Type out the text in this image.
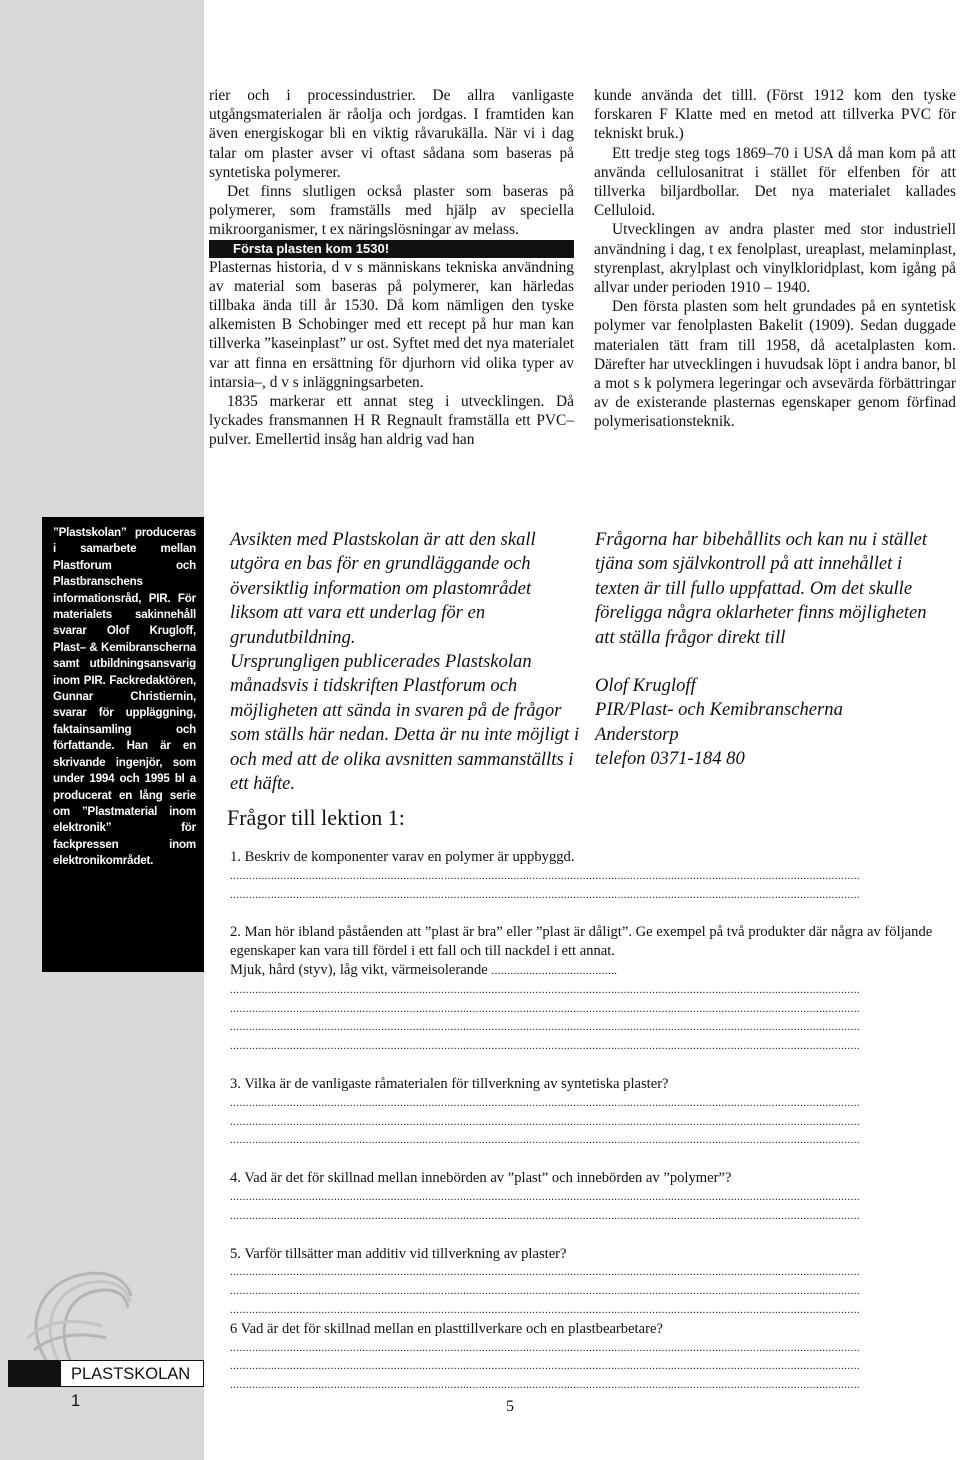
rier och i processindustrier. De allra vanligaste utgångsmaterialen är råolja och jordgas. I framtiden kan även energiskogar bli en viktig råvarukälla. När vi i dag talar om plaster avser vi oftast sådana som baseras på syntetiska polymerer.

Det finns slutligen också plaster som baseras på polymerer, som framställs med hjälp av speciella mikroorganismer, t ex näringslösningar av melass.

Första plasten kom 1530!

Plasternas historia, d v s människans tekniska användning av material som baseras på polymerer, kan härledas tillbaka ända till år 1530. Då kom nämligen den tyske alkemisten B Schobinger med ett recept på hur man kan tillverka ”kaseinplast” ur ost. Syftet med det nya materialet var att finna en ersättning för djurhorn vid olika typer av intarsia–, d v s inläggningsarbeten.

1835 markerar ett annat steg i utvecklingen. Då lyckades fransmannen H R Regnault framställa ett PVC–pulver. Emellertid insåg han aldrig vad han

kunde använda det tilll. (Först 1912 kom den tyske forskaren F Klatte med en metod att tillverka PVC för tekniskt bruk.)

Ett tredje steg togs 1869–70 i USA då man kom på att använda cellulosanitrat i stället för elfenben för att tillverka biljardbollar. Det nya materialet kallades Celluloid.

Utvecklingen av andra plaster med stor industriell användning i dag, t ex fenolplast, ureaplast, melaminplast, styrenplast, akrylplast och vinylkloridplast, kom igång på allvar under perioden 1910 – 1940.

Den första plasten som helt grundades på en syntetisk polymer var fenolplasten Bakelit (1909). Sedan duggade materialen tätt fram till 1958, då acetalplasten kom. Därefter har utvecklingen i huvudsak löpt i andra banor, bl a mot s k polymera legeringar och avsevärda förbättringar av de existerande plasternas egenskaper genom förfinad polymerisationsteknik.

”Plastskolan” produceras i samarbete mellan Plastforum och Plastbranschens informationsråd, PIR. För materialets sakinnehåll svarar Olof Krugloff, Plast– & Kemibranscherna samt utbildningsansvarig inom PIR. Fackredaktören, Gunnar Christiernin, svarar för uppläggning, faktainsamling och författande. Han är en skrivande ingenjör, som under 1994 och 1995 bl a producerat en lång serie om ”Plastmaterial inom elektronik” för fackpressen inom elektronikområdet.

Avsikten med Plastskolan är att den skall utgöra en bas för en grundläggande och översiktlig information om plastområdet liksom att vara ett underlag för en grundutbildning.

Ursprungligen publicerades Plastskolan månadsvis i tidskriften Plastforum och möjligheten att sända in svaren på de frågor som ställs här nedan. Detta är nu inte möjligt i och med att de olika avsnitten sammanställts i ett häfte.

Frågorna har bibehållits och kan nu i stället tjäna som självkontroll på att innehållet i texten är till fullo uppfattad. Om det skulle föreligga några oklarheter finns möjligheten att ställa frågor direkt till

Olof Krugloff

PIR/Plast- och Kemibranscherna

Anderstorp

telefon 0371-184 80

Frågor till lektion 1:

1. Beskriv de komponenter varav en polymer är uppbyggd.

........................................................................................................................................................................................................
........................................................................................................................................................................................................

2. Man hör ibland påståenden att ”plast är bra” eller ”plast är dåligt”. Ge exempel på två produkter där några av följande egenskaper kan vara till fördel i ett fall och till nackdel i ett annat.

Mjuk, hård (styv), låg vikt, värmeisolerande ........................................

........................................................................................................................................................................................................
........................................................................................................................................................................................................
........................................................................................................................................................................................................
........................................................................................................................................................................................................

3. Vilka är de vanligaste råmaterialen för tillverkning av syntetiska plaster?

........................................................................................................................................................................................................
........................................................................................................................................................................................................
........................................................................................................................................................................................................

4. Vad är det för skillnad mellan innebörden av ”plast” och innebörden av ”polymer”?

........................................................................................................................................................................................................
........................................................................................................................................................................................................

5. Varför tillsätter man additiv vid tillverkning av plaster?

........................................................................................................................................................................................................
........................................................................................................................................................................................................
........................................................................................................................................................................................................

6 Vad är det för skillnad mellan en plasttillverkare och en plastbearbetare?

........................................................................................................................................................................................................
........................................................................................................................................................................................................
........................................................................................................................................................................................................
5
PLASTSKOLAN 1
